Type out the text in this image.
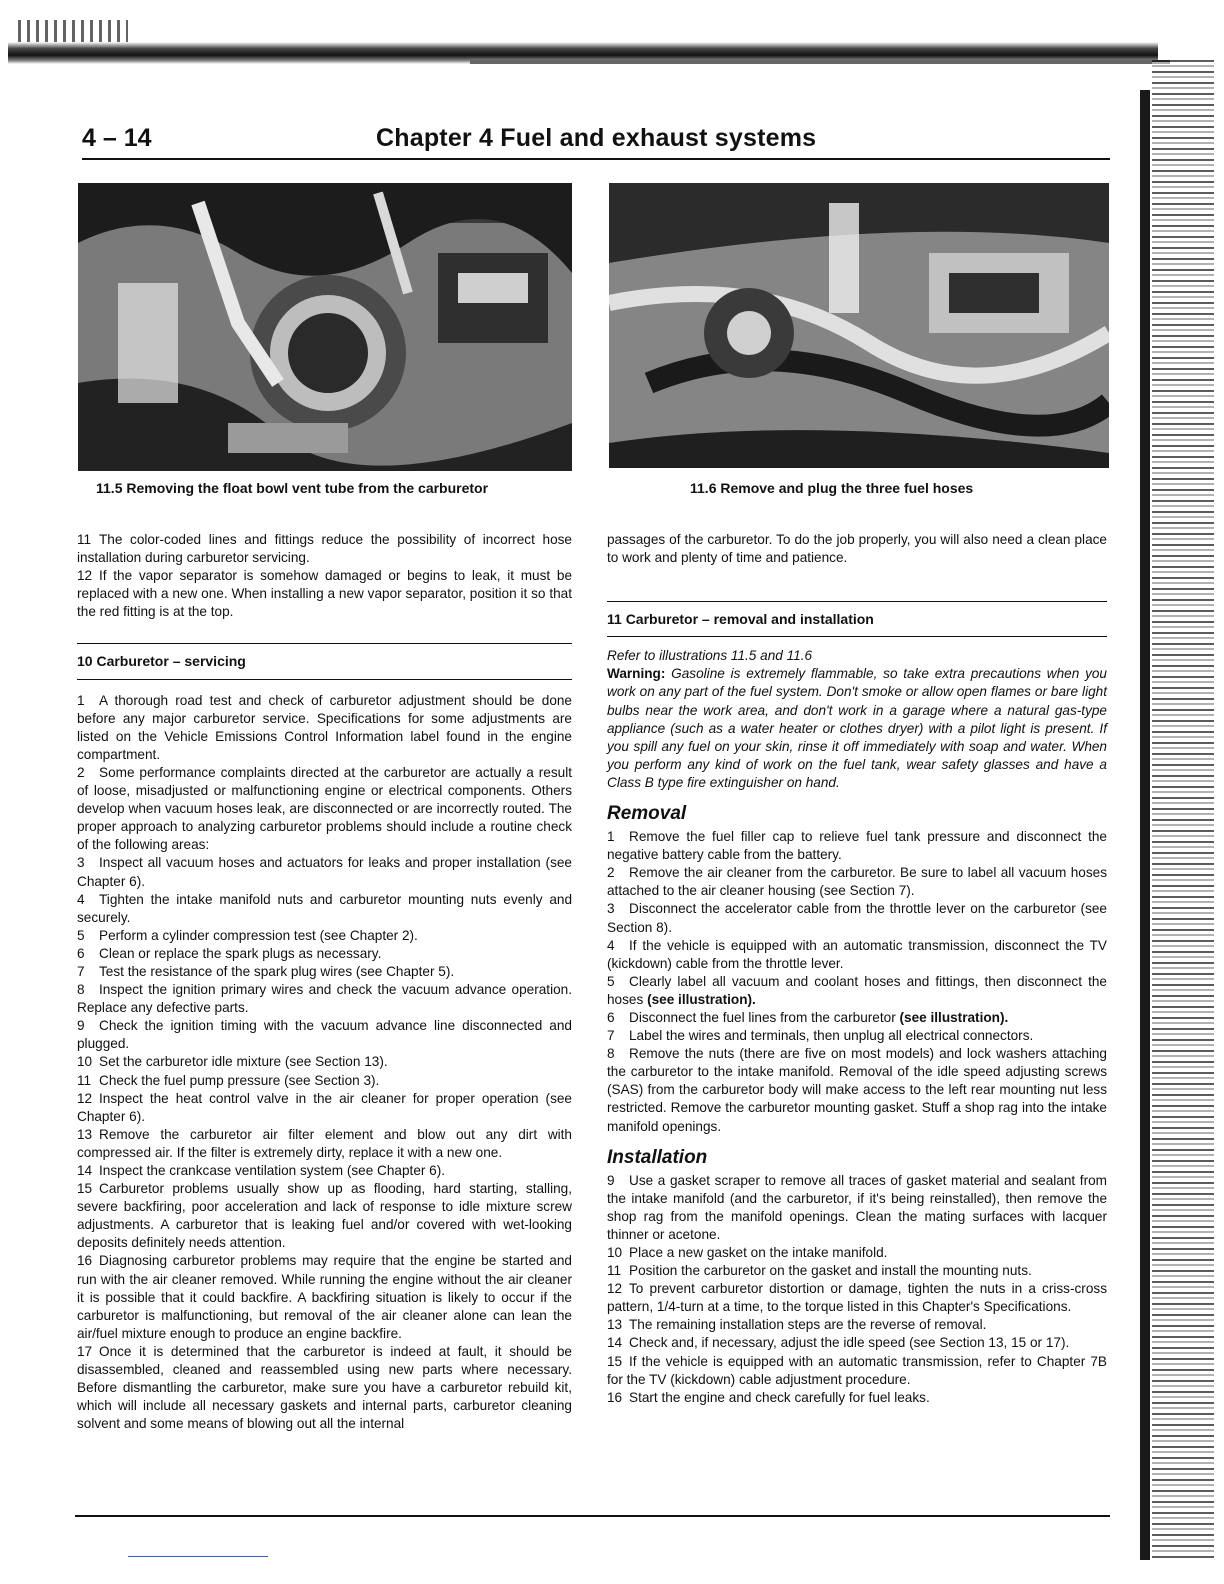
4 – 14	Chapter 4 Fuel and exhaust systems
11.5 Removing the float bowl vent tube from the carburetor	11.6 Remove and plug the three fuel hoses

11 The color-coded lines and fittings reduce the possibility of incorrect hose installation during carburetor servicing.

12 If the vapor separator is somehow damaged or begins to leak, it must be replaced with a new one. When installing a new vapor separator, position it so that the red fitting is at the top.

10 Carburetor – servicing

1 A thorough road test and check of carburetor adjustment should be done before any major carburetor service. Specifications for some adjustments are listed on the Vehicle Emissions Control Information label found in the engine compartment.

2 Some performance complaints directed at the carburetor are actually a result of loose, misadjusted or malfunctioning engine or electrical components. Others develop when vacuum hoses leak, are disconnected or are incorrectly routed. The proper approach to analyzing carburetor problems should include a routine check of the following areas:

3 Inspect all vacuum hoses and actuators for leaks and proper installation (see Chapter 6).

4 Tighten the intake manifold nuts and carburetor mounting nuts evenly and securely.

5 Perform a cylinder compression test (see Chapter 2).

6 Clean or replace the spark plugs as necessary.

7 Test the resistance of the spark plug wires (see Chapter 5).

8 Inspect the ignition primary wires and check the vacuum advance operation. Replace any defective parts.

9 Check the ignition timing with the vacuum advance line disconnected and plugged.

10 Set the carburetor idle mixture (see Section 13).

11 Check the fuel pump pressure (see Section 3).

12 Inspect the heat control valve in the air cleaner for proper operation (see Chapter 6).

13 Remove the carburetor air filter element and blow out any dirt with compressed air. If the filter is extremely dirty, replace it with a new one.

14 Inspect the crankcase ventilation system (see Chapter 6).

15 Carburetor problems usually show up as flooding, hard starting, stalling, severe backfiring, poor acceleration and lack of response to idle mixture screw adjustments. A carburetor that is leaking fuel and/or covered with wet-looking deposits definitely needs attention.

16 Diagnosing carburetor problems may require that the engine be started and run with the air cleaner removed. While running the engine without the air cleaner it is possible that it could backfire. A backfiring situation is likely to occur if the carburetor is malfunctioning, but removal of the air cleaner alone can lean the air/fuel mixture enough to produce an engine backfire.

17 Once it is determined that the carburetor is indeed at fault, it should be disassembled, cleaned and reassembled using new parts where necessary. Before dismantling the carburetor, make sure you have a carburetor rebuild kit, which will include all necessary gaskets and internal parts, carburetor cleaning solvent and some means of blowing out all the internal

passages of the carburetor. To do the job properly, you will also need a clean place to work and plenty of time and patience.

11 Carburetor – removal and installation

Refer to illustrations 11.5 and 11.6

Warning: Gasoline is extremely flammable, so take extra precautions when you work on any part of the fuel system. Don't smoke or allow open flames or bare light bulbs near the work area, and don't work in a garage where a natural gas-type appliance (such as a water heater or clothes dryer) with a pilot light is present. If you spill any fuel on your skin, rinse it off immediately with soap and water. When you perform any kind of work on the fuel tank, wear safety glasses and have a Class B type fire extinguisher on hand.

Removal

1 Remove the fuel filler cap to relieve fuel tank pressure and disconnect the negative battery cable from the battery.

2 Remove the air cleaner from the carburetor. Be sure to label all vacuum hoses attached to the air cleaner housing (see Section 7).

3 Disconnect the accelerator cable from the throttle lever on the carburetor (see Section 8).

4 If the vehicle is equipped with an automatic transmission, disconnect the TV (kickdown) cable from the throttle lever.

5 Clearly label all vacuum and coolant hoses and fittings, then disconnect the hoses (see illustration).

6 Disconnect the fuel lines from the carburetor (see illustration).

7 Label the wires and terminals, then unplug all electrical connectors.

8 Remove the nuts (there are five on most models) and lock washers attaching the carburetor to the intake manifold. Removal of the idle speed adjusting screws (SAS) from the carburetor body will make access to the left rear mounting nut less restricted. Remove the carburetor mounting gasket. Stuff a shop rag into the intake manifold openings.

Installation

9 Use a gasket scraper to remove all traces of gasket material and sealant from the intake manifold (and the carburetor, if it's being reinstalled), then remove the shop rag from the manifold openings. Clean the mating surfaces with lacquer thinner or acetone.

10 Place a new gasket on the intake manifold.

11 Position the carburetor on the gasket and install the mounting nuts.

12 To prevent carburetor distortion or damage, tighten the nuts in a criss-cross pattern, 1/4-turn at a time, to the torque listed in this Chapter's Specifications.

13 The remaining installation steps are the reverse of removal.

14 Check and, if necessary, adjust the idle speed (see Section 13, 15 or 17).

15 If the vehicle is equipped with an automatic transmission, refer to Chapter 7B for the TV (kickdown) cable adjustment procedure.

16 Start the engine and check carefully for fuel leaks.
